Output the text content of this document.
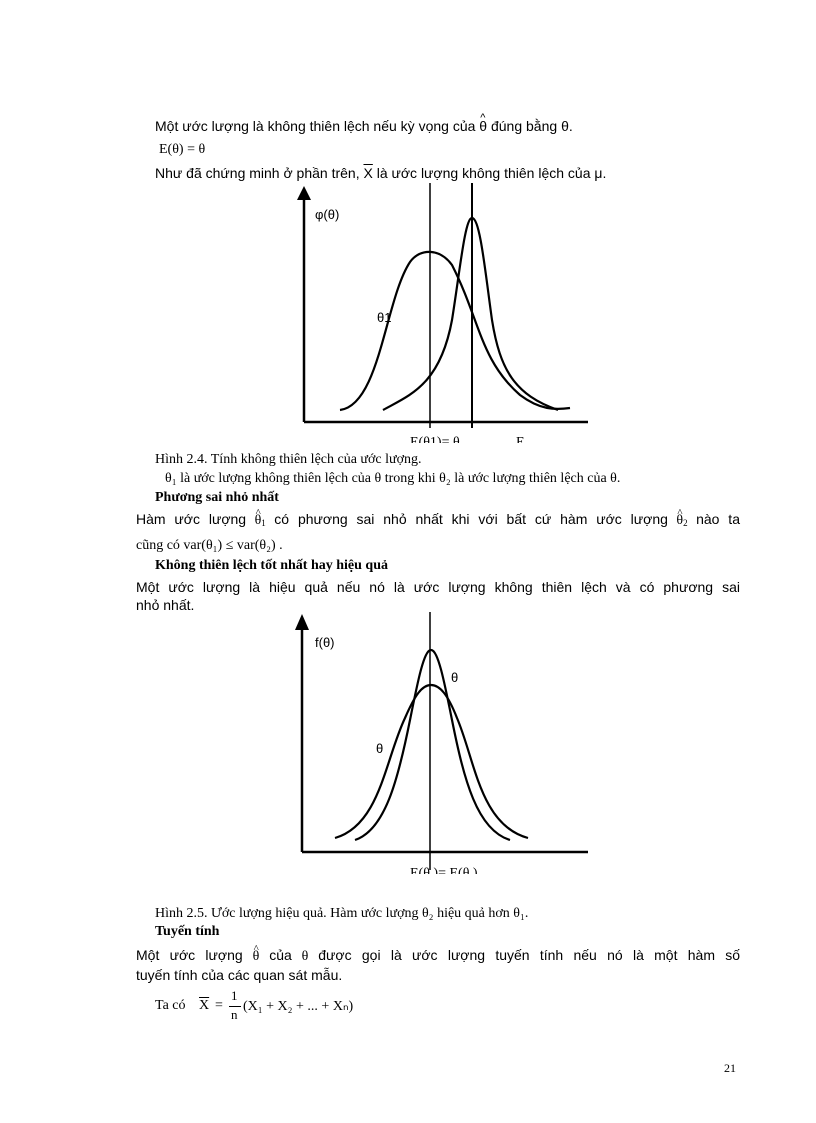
Một ước lượng là không thiên lệch nếu kỳ vọng của ^ θ đúng bằng θ.
E(θ) = θ
Như đã chứng minh ở phần trên, $\overline{X}$ là ước lượng không thiên lệch của μ.
φ(θ)
θ1
Hình 2.4. Tính không thiên lệch của ước lượng.
θ₁ là ước lượng không thiên lệch của θ trong khi θ₂ là ước lượng thiên lệch của θ.
Phương sai nhỏ nhất
Hàm ước lượng ^ $\theta_1$ có phương sai nhỏ nhất khi với bất cứ hàm ước lượng ^ $\theta_2$ nào ta
cũng có var(θ₁) ≤ var(θ₂) .
Không thiên lệch tốt nhất hay hiệu quả
Một ước lượng là hiệu quả nếu nó là ước lượng không thiên lệch và có phương sai
nhỏ nhất.
f(θ)
θ
θ
Hình 2.5. Ước lượng hiệu quả. Hàm ước lượng θ₂ hiệu quả hơn θ₁.
Tuyến tính
Một ước lượng ^ θ của θ được gọi là ước lượng tuyến tính nếu nó là một hàm số
tuyến tính của các quan sát mẫu.
Ta có $\overline{X}$ =
1
n
(X₁ + X₂ + ... + Xₙ)
21
